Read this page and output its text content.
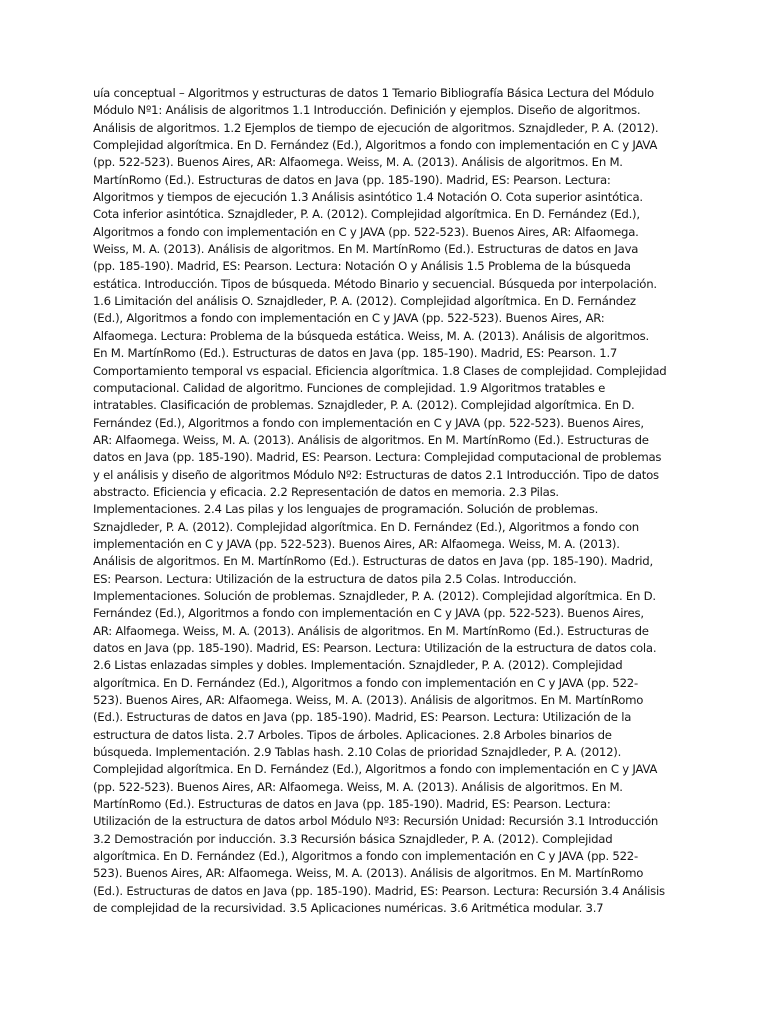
uía conceptual – Algoritmos y estructuras de datos 1 Temario Bibliografía Básica Lectura del Módulo
Módulo Nº1: Análisis de algoritmos 1.1 Introducción. Definición y ejemplos. Diseño de algoritmos.
Análisis de algoritmos. 1.2 Ejemplos de tiempo de ejecución de algoritmos. Sznajdleder, P. A. (2012).
Complejidad algorítmica. En D. Fernández (Ed.), Algoritmos a fondo con implementación en C y JAVA
(pp. 522-523). Buenos Aires, AR: Alfaomega. Weiss, M. A. (2013). Análisis de algoritmos. En M.
MartínRomo (Ed.). Estructuras de datos en Java (pp. 185-190). Madrid, ES: Pearson. Lectura:
Algoritmos y tiempos de ejecución 1.3 Análisis asintótico 1.4 Notación O. Cota superior asintótica.
Cota inferior asintótica. Sznajdleder, P. A. (2012). Complejidad algorítmica. En D. Fernández (Ed.),
Algoritmos a fondo con implementación en C y JAVA (pp. 522-523). Buenos Aires, AR: Alfaomega.
Weiss, M. A. (2013). Análisis de algoritmos. En M. MartínRomo (Ed.). Estructuras de datos en Java
(pp. 185-190). Madrid, ES: Pearson. Lectura: Notación O y Análisis 1.5 Problema de la búsqueda
estática. Introducción. Tipos de búsqueda. Método Binario y secuencial. Búsqueda por interpolación.
1.6 Limitación del análisis O. Sznajdleder, P. A. (2012). Complejidad algorítmica. En D. Fernández
(Ed.), Algoritmos a fondo con implementación en C y JAVA (pp. 522-523). Buenos Aires, AR:
Alfaomega. Lectura: Problema de la búsqueda estática. Weiss, M. A. (2013). Análisis de algoritmos.
En M. MartínRomo (Ed.). Estructuras de datos en Java (pp. 185-190). Madrid, ES: Pearson. 1.7
Comportamiento temporal vs espacial. Eficiencia algorítmica. 1.8 Clases de complejidad. Complejidad
computacional. Calidad de algoritmo. Funciones de complejidad. 1.9 Algoritmos tratables e
intratables. Clasificación de problemas. Sznajdleder, P. A. (2012). Complejidad algorítmica. En D.
Fernández (Ed.), Algoritmos a fondo con implementación en C y JAVA (pp. 522-523). Buenos Aires,
AR: Alfaomega. Weiss, M. A. (2013). Análisis de algoritmos. En M. MartínRomo (Ed.). Estructuras de
datos en Java (pp. 185-190). Madrid, ES: Pearson. Lectura: Complejidad computacional de problemas
y el análisis y diseño de algoritmos Módulo Nº2: Estructuras de datos 2.1 Introducción. Tipo de datos
abstracto. Eficiencia y eficacia. 2.2 Representación de datos en memoria. 2.3 Pilas.
Implementaciones. 2.4 Las pilas y los lenguajes de programación. Solución de problemas.
Sznajdleder, P. A. (2012). Complejidad algorítmica. En D. Fernández (Ed.), Algoritmos a fondo con
implementación en C y JAVA (pp. 522-523). Buenos Aires, AR: Alfaomega. Weiss, M. A. (2013).
Análisis de algoritmos. En M. MartínRomo (Ed.). Estructuras de datos en Java (pp. 185-190). Madrid,
ES: Pearson. Lectura: Utilización de la estructura de datos pila 2.5 Colas. Introducción.
Implementaciones. Solución de problemas. Sznajdleder, P. A. (2012). Complejidad algorítmica. En D.
Fernández (Ed.), Algoritmos a fondo con implementación en C y JAVA (pp. 522-523). Buenos Aires,
AR: Alfaomega. Weiss, M. A. (2013). Análisis de algoritmos. En M. MartínRomo (Ed.). Estructuras de
datos en Java (pp. 185-190). Madrid, ES: Pearson. Lectura: Utilización de la estructura de datos cola.
2.6 Listas enlazadas simples y dobles. Implementación. Sznajdleder, P. A. (2012). Complejidad
algorítmica. En D. Fernández (Ed.), Algoritmos a fondo con implementación en C y JAVA (pp. 522-
523). Buenos Aires, AR: Alfaomega. Weiss, M. A. (2013). Análisis de algoritmos. En M. MartínRomo
(Ed.). Estructuras de datos en Java (pp. 185-190). Madrid, ES: Pearson. Lectura: Utilización de la
estructura de datos lista. 2.7 Arboles. Tipos de árboles. Aplicaciones. 2.8 Arboles binarios de
búsqueda. Implementación. 2.9 Tablas hash. 2.10 Colas de prioridad Sznajdleder, P. A. (2012).
Complejidad algorítmica. En D. Fernández (Ed.), Algoritmos a fondo con implementación en C y JAVA
(pp. 522-523). Buenos Aires, AR: Alfaomega. Weiss, M. A. (2013). Análisis de algoritmos. En M.
MartínRomo (Ed.). Estructuras de datos en Java (pp. 185-190). Madrid, ES: Pearson. Lectura:
Utilización de la estructura de datos arbol Módulo Nº3: Recursión Unidad: Recursión 3.1 Introducción
3.2 Demostración por inducción. 3.3 Recursión básica Sznajdleder, P. A. (2012). Complejidad
algorítmica. En D. Fernández (Ed.), Algoritmos a fondo con implementación en C y JAVA (pp. 522-
523). Buenos Aires, AR: Alfaomega. Weiss, M. A. (2013). Análisis de algoritmos. En M. MartínRomo
(Ed.). Estructuras de datos en Java (pp. 185-190). Madrid, ES: Pearson. Lectura: Recursión 3.4 Análisis
de complejidad de la recursividad. 3.5 Aplicaciones numéricas. 3.6 Aritmética modular. 3.7
